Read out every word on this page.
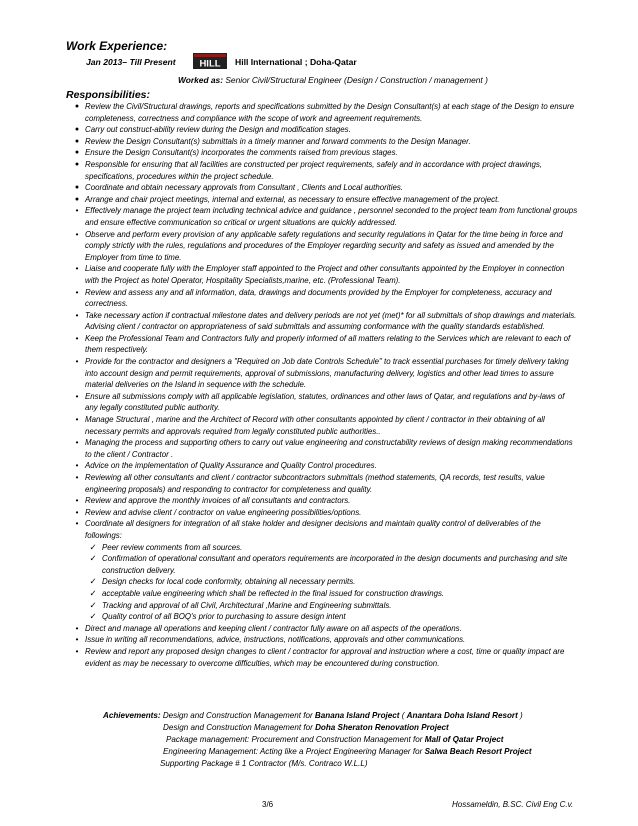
Work Experience:
Jan 2013– Till Present	HILL Hill International ; Doha-Qatar
Worked as: Senior Civil/Structural Engineer (Design / Construction / management )
Responsibilities:
● Review the Civil/Structural drawings, reports and specifications submitted by the Design Consultant(s) at each stage of the Design to ensure completeness, correctness and compliance with the scope of work and agreement requirements.
● Carry out construct-ability review during the Design and modification stages.
● Review the Design Consultant(s) submittals in a timely manner and forward comments to the Design Manager.
● Ensure the Design Consultant(s) incorporates the comments raised from previous stages.
● Responsible for ensuring that all facilities are constructed per project requirements, safely and in accordance with project drawings, specifications, procedures within the project schedule.
● Coordinate and obtain necessary approvals from Consultant , Clients and Local authorities.
● Arrange and chair project meetings, internal and external, as necessary to ensure effective management of the project.
• Effectively manage the project team including technical advice and guidance , personnel seconded to the project team from functional groups and ensure effective communication so critical or urgent situations are quickly addressed.
• Observe and perform every provision of any applicable safety regulations and security regulations in Qatar for the time being in force and comply strictly with the rules, regulations and procedures of the Employer regarding security and safety as issued and amended by the Employer from time to time.
• Liaise and cooperate fully with the Employer staff appointed to the Project and other consultants appointed by the Employer in connection with the Project as hotel Operator, Hospitality Specialists,marine, etc. (Professional Team).
• Review and assess any and all information, data, drawings and documents provided by the Employer for completeness, accuracy and correctness.
• Take necessary action if contractual milestone dates and delivery periods are not yet (met)* for all submittals of shop drawings and materials. Advising client / contractor on appropriateness of said submittals and assuming conformance with the quality standards established.
• Keep the Professional Team and Contractors fully and properly informed of all matters relating to the Services which are relevant to each of them respectively.
• Provide for the contractor and designers a "Required on Job date Controls Schedule" to track essential purchases for timely delivery taking into account design and permit requirements, approval of submissions, manufacturing delivery, logistics and other lead times to assure material deliveries on the Island in sequence with the schedule.
• Ensure all submissions comply with all applicable legislation, statutes, ordinances and other laws of Qatar, and regulations and by-laws of any legally constituted public authority.
• Manage Structural , marine and the Architect of Record with other consultants appointed by client / contractor in their obtaining of all necessary permits and approvals required from legally constituted public authorities..
• Managing the process and supporting others to carry out value engineering and constructability reviews of design making recommendations to the client / Contractor .
• Advice on the implementation of Quality Assurance and Quality Control procedures.
• Reviewing all other consultants and client / contractor subcontractors submittals (method statements, QA records, test results, value engineering proposals) and responding to contractor for completeness and quality.
• Review and approve the monthly invoices of all consultants and contractors.
• Review and advise client / contractor on value engineering possibilities/options.
• Coordinate all designers for integration of all stake holder and designer decisions and maintain quality control of deliverables of the followings:
✓ Peer review comments from all sources.
✓ Confirmation of operational consultant and operators requirements are incorporated in the design documents and purchasing and site construction delivery.
✓ Design checks for local code conformity, obtaining all necessary permits.
✓ acceptable value engineering which shall be reflected in the final issued for construction drawings.
✓ Tracking and approval of all Civil, Architectural ,Marine and Engineering submittals.
✓ Quality control of all BOQ's prior to purchasing to assure design intent
• Direct and manage all operations and keeping client / contractor fully aware on all aspects of the operations.
• Issue in writing all recommendations, advice, instructions, notifications, approvals and other communications.
• Review and report any proposed design changes to client / contractor for approval and instruction where a cost, time or quality impact are evident as may be necessary to overcome difficulties, which may be encountered during construction.
Achievements: Design and Construction Management for Banana Island Project ( Anantara Doha Island Resort )
Design and Construction Management for Doha Sheraton Renovation Project
Package management: Procurement and Construction Management for Mall of Qatar Project
Engineering Management: Acting like a Project Engineering Manager for Salwa Beach Resort Project
Supporting Package # 1 Contractor (M/s. Contraco W.L.L)
3/6	Hossameldin, B.SC. Civil Eng C.v.
